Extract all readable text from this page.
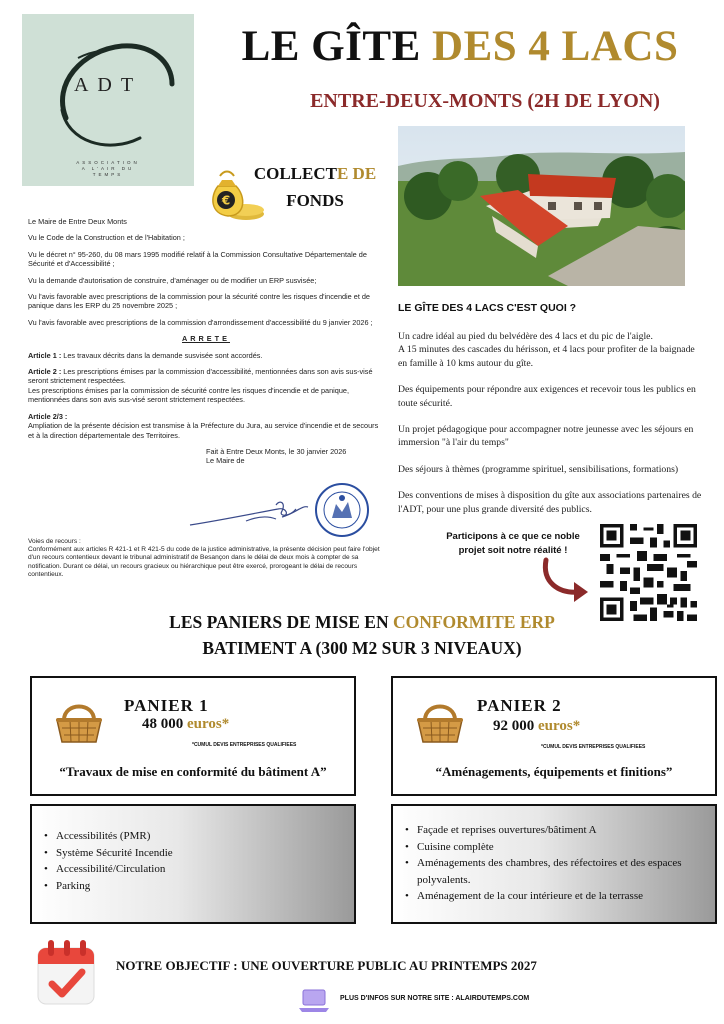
ADT
ASSOCIATION
A L'AIR DU
TEMPS
LE GÎTE DES 4 LACS
ENTRE-DEUX-MONTS (2H DE LYON)
€
COLLECTE DE
FONDS

Le Maire de Entre Deux Monts

Vu le Code de la Construction et de l'Habitation ;

Vu le décret n° 95-260, du 08 mars 1995 modifié relatif à la Commission Consultative Départementale de Sécurité et d'Accessibilité ;

Vu la demande d'autorisation de construire, d'aménager ou de modifier un ERP susvisée;

Vu l'avis favorable avec prescriptions de la commission pour la sécurité contre les risques d'incendie et de panique dans les ERP du 25 novembre 2025 ;

Vu l'avis favorable avec prescriptions de la commission d'arrondissement d'accessibilité du 9 janvier 2026 ;

ARRETE

Article 1 : Les travaux décrits dans la demande susvisée sont accordés.

Article 2 : Les prescriptions émises par la commission d'accessibilité, mentionnées dans son avis sus-visé seront strictement respectées.
Les prescriptions émises par la commission de sécurité contre les risques d'incendie et de panique, mentionnées dans son avis sus-visé seront strictement respectées.

Article 2/3 :
Ampliation de la présente décision est transmise à la Préfecture du Jura, au service d'incendie et de secours et à la direction départementale des Territoires.

Fait à Entre Deux Monts, le 30 janvier 2026
Le Maire de
Voies de recours :
Conformément aux articles R 421-1 et R 421-5 du code de la justice administrative, la présente décision peut faire l'objet d'un recours contentieux devant le tribunal administratif de Besançon dans le délai de deux mois à compter de sa notification. Durant ce délai, un recours gracieux ou hiérarchique peut être exercé, prorogeant le délai de recours contentieux.
LE GÎTE DES 4 LACS C'EST QUOI ?

Un cadre idéal au pied du belvédère des 4 lacs et du pic de l'aigle.
A 15 minutes des cascades du hérisson, et 4 lacs pour profiter de la baignade en famille à 10 kms autour du gîte.

Des équipements pour répondre aux exigences et recevoir tous les publics en toute sécurité.

Un projet pédagogique pour accompagner notre jeunesse avec les séjours en immersion "à l'air du temps"

Des séjours à thèmes (programme spirituel, sensibilisations, formations)

Des conventions de mises à disposition du gîte aux associations partenaires de l'ADT, pour une plus grande diversité des publics.

Participons à ce que ce noble
projet soit notre réalité !
LES PANIERS DE MISE EN CONFORMITE ERP
BATIMENT A (300 M2 SUR 3 NIVEAUX)
PANIER 1
48 000 euros*
*CUMUL DEVIS ENTREPRISES QUALIFIEES
“Travaux de mise en conformité du bâtiment A”
• Accessibilités (PMR)
• Système Sécurité Incendie
• Accessibilité/Circulation
• Parking
PANIER 2
92 000 euros*
*CUMUL DEVIS ENTREPRISES QUALIFIEES
“Aménagements, équipements et finitions”
• Façade et reprises ouvertures/bâtiment A
• Cuisine complète
• Aménagements des chambres, des réfectoires et des espaces polyvalents.
• Aménagement de la cour intérieure et de la terrasse
NOTRE OBJECTIF : UNE OUVERTURE PUBLIC AU PRINTEMPS 2027
PLUS D'INFOS SUR NOTRE SITE : ALAIRDUTEMPS.COM
